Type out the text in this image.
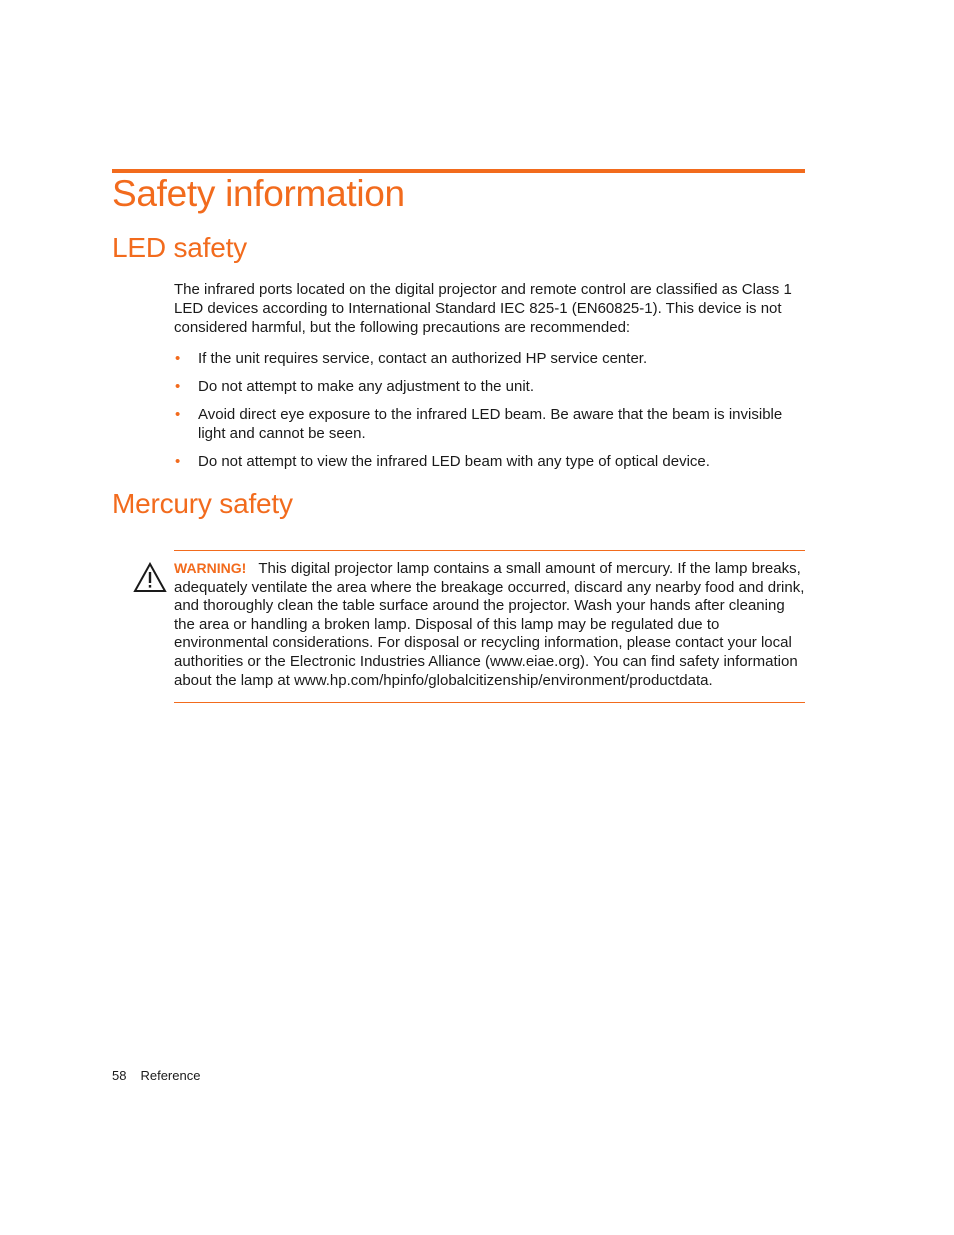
Safety information
LED safety

The infrared ports located on the digital projector and remote control are classified as Class 1 LED devices according to International Standard IEC 825-1 (EN60825-1). This device is not considered harmful, but the following precautions are recommended:

• If the unit requires service, contact an authorized HP service center.
• Do not attempt to make any adjustment to the unit.
• Avoid direct eye exposure to the infrared LED beam. Be aware that the beam is invisible light and cannot be seen.
• Do not attempt to view the infrared LED beam with any type of optical device.
Mercury safety

WARNING! This digital projector lamp contains a small amount of mercury. If the lamp breaks, adequately ventilate the area where the breakage occurred, discard any nearby food and drink, and thoroughly clean the table surface around the projector. Wash your hands after cleaning the area or handling a broken lamp. Disposal of this lamp may be regulated due to environmental considerations. For disposal or recycling information, please contact your local authorities or the Electronic Industries Alliance (www.eiae.org). You can find safety information about the lamp at www.hp.com/hpinfo/globalcitizenship/environment/productdata.

58 Reference
